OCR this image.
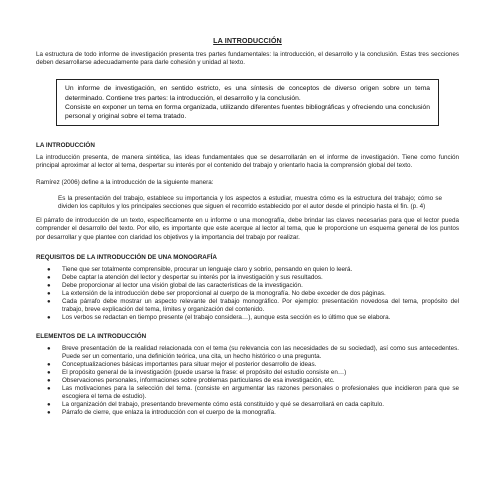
LA INTRODUCCIÓN

La estructura de todo informe de investigación presenta tres partes fundamentales: la introducción, el desarrollo y la conclusión. Estas tres secciones deben desarrollarse adecuadamente para darle cohesión y unidad al texto.

Un informe de investigación, en sentido estricto, es una síntesis de conceptos de diverso origen sobre un tema determinado. Contiene tres partes: la introducción, el desarrollo y la conclusión.
Consiste en exponer un tema en forma organizada, utilizando diferentes fuentes bibliográficas y ofreciendo una conclusión personal y original sobre el tema tratado.
LA INTRODUCCIÓN

La introducción presenta, de manera sintética, las ideas fundamentales que se desarrollarán en el informe de investigación. Tiene como función principal aproximar al lector al tema, despertar su interés por el contenido del trabajo y orientarlo hacia la comprensión global del texto.

Ramírez (2006) define a la introducción de la siguiente manera:

Es la presentación del trabajo, establece su importancia y los aspectos a estudiar, muestra cómo es la estructura del trabajo; cómo se dividen los capítulos y los principales secciones que siguen el recorrido establecido por el autor desde el principio hasta el fin. (p. 4)

El párrafo de introducción de un texto, específicamente en u informe o una monografía, debe brindar las claves necesarias para que el lector pueda comprender el desarrollo del texto. Por ello, es importante que este acerque al lector al tema, que le proporcione un esquema general de los puntos por desarrollar y que plantee con claridad los objetivos y la importancia del trabajo por realizar.

REQUISITOS DE LA INTRODUCCIÓN DE UNA MONOGRAFÍA
● Tiene que ser totalmente comprensible, procurar un lenguaje claro y sobrio, pensando en quien lo leerá.
● Debe captar la atención del lector y despertar su interés por la investigación y sus resultados.
● Debe proporcionar al lector una visión global de las características de la investigación.
● La extensión de la introducción debe ser proporcional al cuerpo de la monografía. No debe exceder de dos páginas.
● Cada párrafo debe mostrar un aspecto relevante del trabajo monográfico. Por ejemplo: presentación novedosa del tema, propósito del trabajo, breve explicación del tema, límites y organización del contenido.
● Los verbos se redactan en tiempo presente (el trabajo considera…), aunque esta sección es lo último que se elabora.
ELEMENTOS DE LA INTRODUCCIÓN
● Breve presentación de la realidad relacionada con el tema (su relevancia con las necesidades de su sociedad), así como sus antecedentes. Puede ser un comentario, una definición teórica, una cita, un hecho histórico o una pregunta.
● Conceptualizaciones básicas importantes para situar mejor el posterior desarrollo de ideas.
● El propósito general de la investigación (puede usarse la frase: el propósito del estudio consiste en…)
● Observaciones personales, informaciones sobre problemas particulares de esa investigación, etc.
● Las motivaciones para la selección del tema. (consiste en argumentar las razones personales o profesionales que incidieron para que se escogiera el tema de estudio).
● La organización del trabajo, presentando brevemente cómo está constituido y qué se desarrollará en cada capítulo.
● Párrafo de cierre, que enlaza la introducción con el cuerpo de la monografía.
